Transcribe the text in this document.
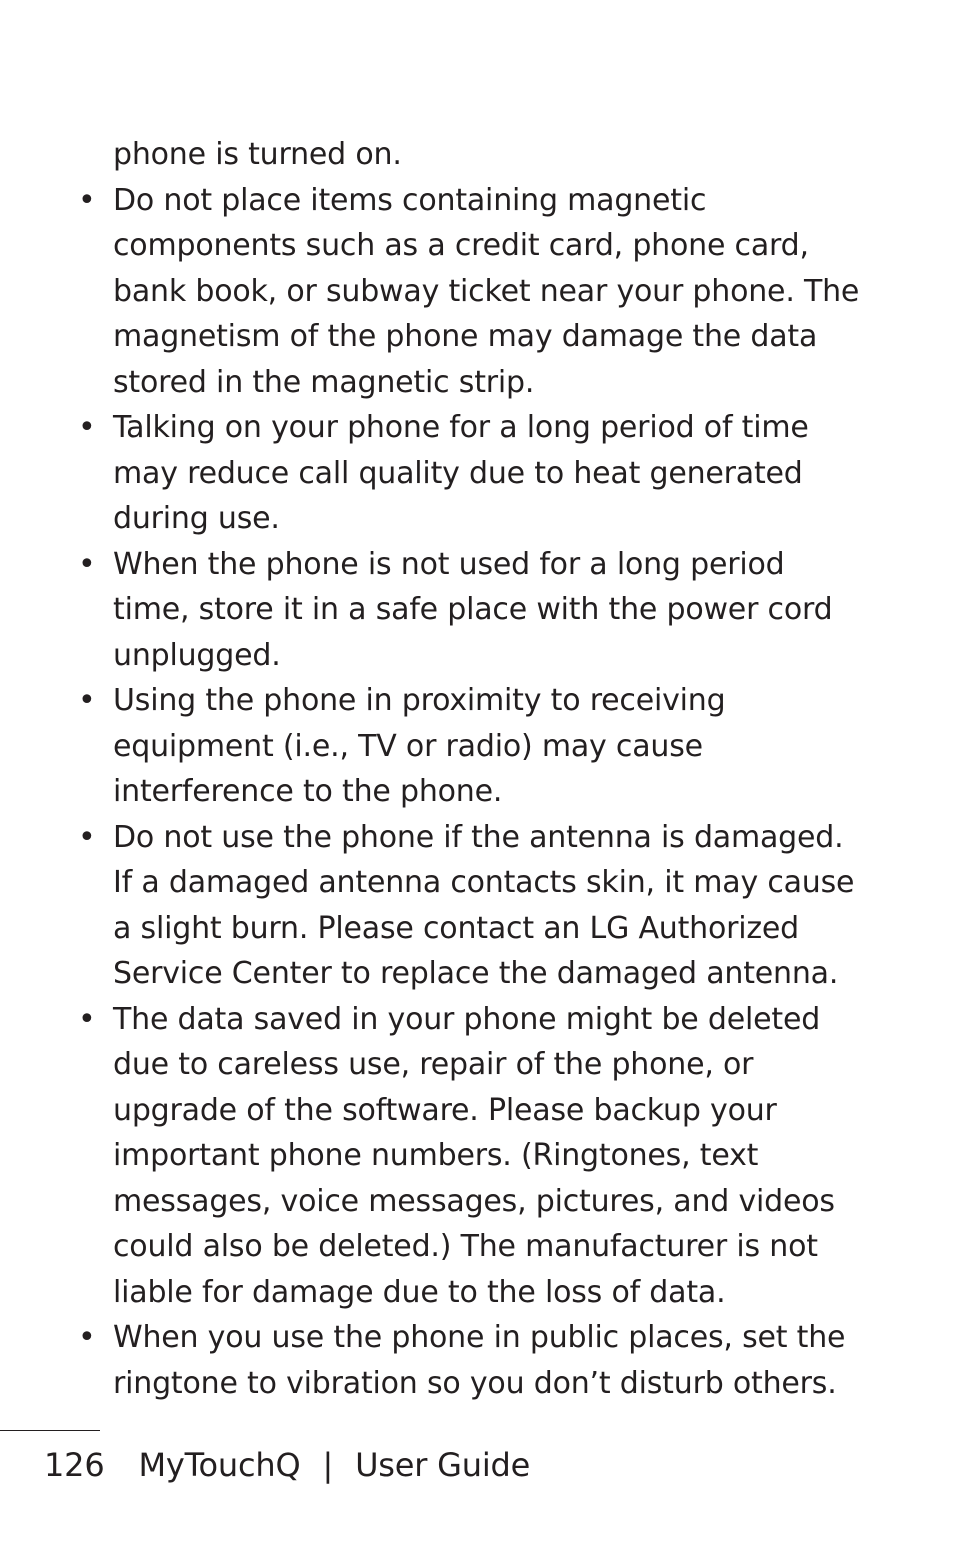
phone is turned on.

• Do not place items containing magnetic
components such as a credit card, phone card,
bank book, or subway ticket near your phone. The
magnetism of the phone may damage the data
stored in the magnetic strip.
• Talking on your phone for a long period of time
may reduce call quality due to heat generated
during use.
• When the phone is not used for a long period
time, store it in a safe place with the power cord
unplugged.
• Using the phone in proximity to receiving
equipment (i.e., TV or radio) may cause
interference to the phone.
• Do not use the phone if the antenna is damaged.
If a damaged antenna contacts skin, it may cause
a slight burn. Please contact an LG Authorized
Service Center to replace the damaged antenna.
• The data saved in your phone might be deleted
due to careless use, repair of the phone, or
upgrade of the software. Please backup your
important phone numbers. (Ringtones, text
messages, voice messages, pictures, and videos
could also be deleted.) The manufacturer is not
liable for damage due to the loss of data.
• When you use the phone in public places, set the
ringtone to vibration so you don’t disturb others.
126 MyTouchQ | User Guide
